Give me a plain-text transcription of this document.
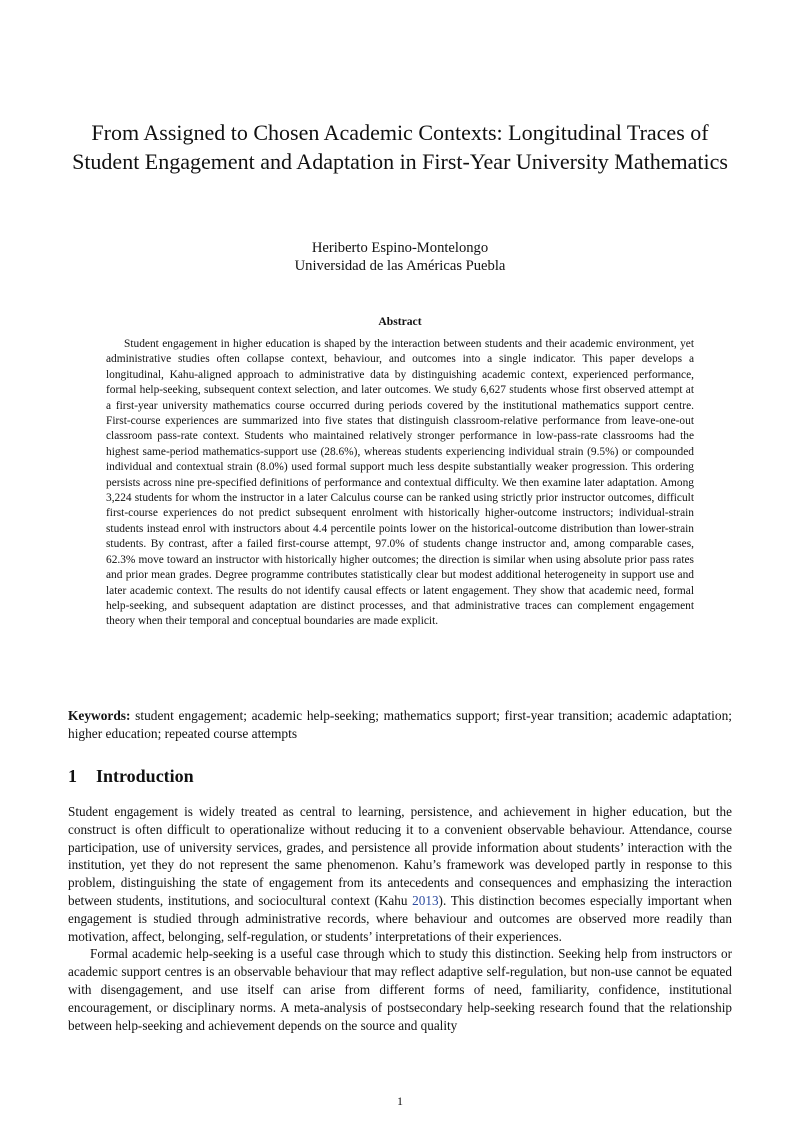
From Assigned to Chosen Academic Contexts: Longitudinal Traces of Student Engagement and Adaptation in First-Year University Mathematics
Heriberto Espino-Montelongo
Universidad de las Américas Puebla
Abstract

Student engagement in higher education is shaped by the interaction between students and their academic environment, yet administrative studies often collapse context, behaviour, and outcomes into a single indicator. This paper develops a longitudinal, Kahu-aligned approach to administrative data by distinguishing academic context, experienced performance, formal help-seeking, subsequent context selection, and later outcomes. We study 6,627 students whose first observed attempt at a first-year university mathematics course occurred during periods covered by the institutional mathematics support centre. First-course experiences are summarized into five states that distinguish classroom-relative performance from leave-one-out classroom pass-rate context. Students who maintained relatively stronger performance in low-pass-rate classrooms had the highest same-period mathematics-support use (28.6%), whereas students experiencing individual strain (9.5%) or compounded individual and contextual strain (8.0%) used formal support much less despite substantially weaker progression. This ordering persists across nine pre-specified definitions of performance and contextual difficulty. We then examine later adaptation. Among 3,224 students for whom the instructor in a later Calculus course can be ranked using strictly prior instructor outcomes, difficult first-course experiences do not predict subsequent enrolment with historically higher-outcome instructors; individual-strain students instead enrol with instructors about 4.4 percentile points lower on the historical-outcome distribution than lower-strain students. By contrast, after a failed first-course attempt, 97.0% of students change instructor and, among comparable cases, 62.3% move toward an instructor with historically higher outcomes; the direction is similar when using absolute prior pass rates and prior mean grades. Degree programme contributes statistically clear but modest additional heterogeneity in support use and later academic context. The results do not identify causal effects or latent engagement. They show that academic need, formal help-seeking, and subsequent adaptation are distinct processes, and that administrative traces can complement engagement theory when their temporal and conceptual boundaries are made explicit.

Keywords: student engagement; academic help-seeking; mathematics support; first-year transition; academic adaptation; higher education; repeated course attempts

1 Introduction

Student engagement is widely treated as central to learning, persistence, and achievement in higher education, but the construct is often difficult to operationalize without reducing it to a convenient observable behaviour. Attendance, course participation, use of university services, grades, and persistence all provide information about students’ interaction with the institution, yet they do not represent the same phenomenon. Kahu’s framework was developed partly in response to this problem, distinguishing the state of engagement from its antecedents and consequences and emphasizing the interaction between students, institutions, and sociocultural context (Kahu 2013). This distinction becomes especially important when engagement is studied through administrative records, where behaviour and outcomes are observed more readily than motivation, affect, belonging, self-regulation, or students’ interpretations of their experiences.

Formal academic help-seeking is a useful case through which to study this distinction. Seeking help from instructors or academic support centres is an observable behaviour that may reflect adaptive self-regulation, but non-use cannot be equated with disengagement, and use itself can arise from different forms of need, familiarity, confidence, institutional encouragement, or disciplinary norms. A meta-analysis of postsecondary help-seeking research found that the relationship between help-seeking and achievement depends on the source and quality

1
